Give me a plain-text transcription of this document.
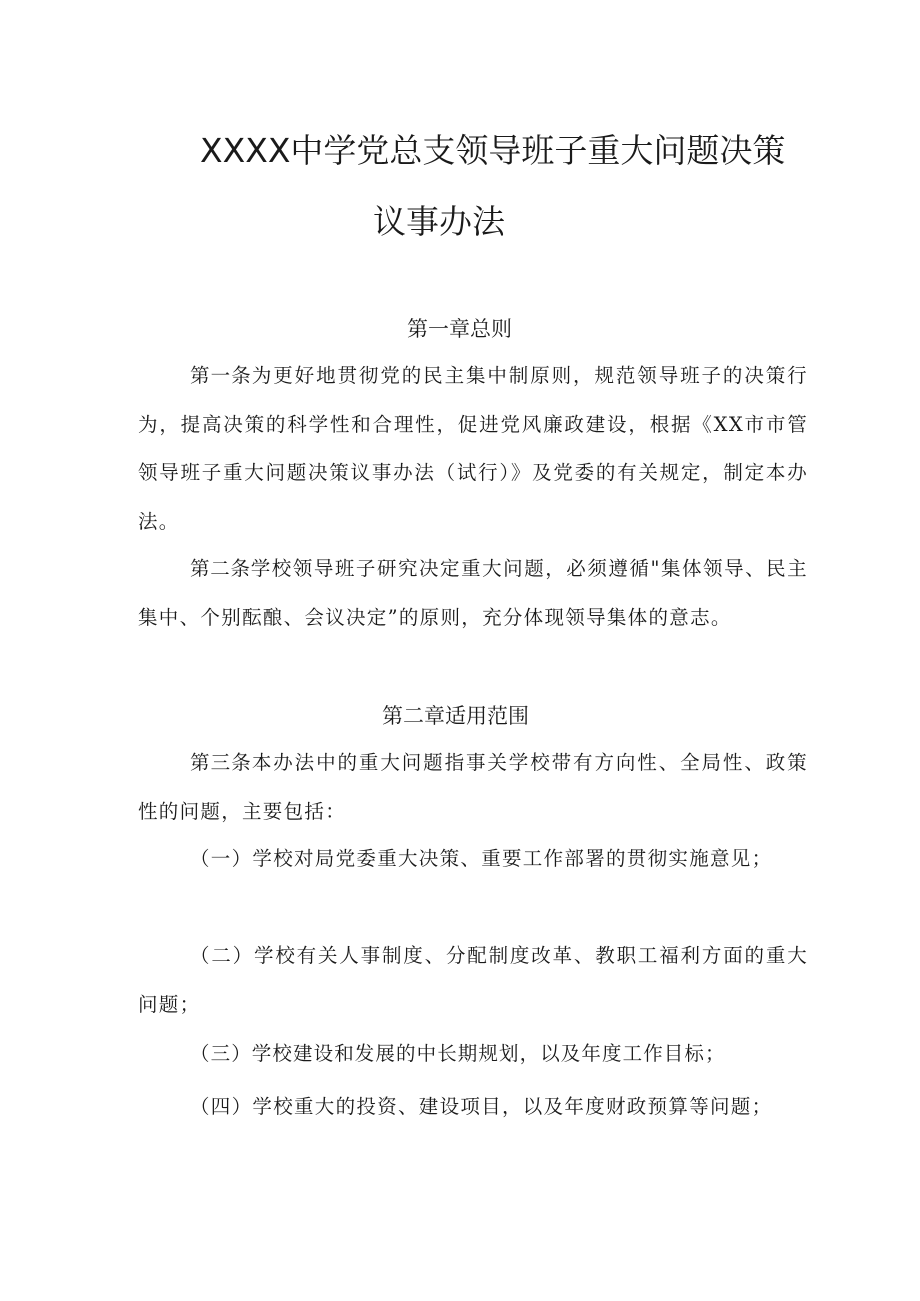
XXXX中学党总支领导班子重大问题决策
议事办法
第一章总则
第一条为更好地贯彻党的民主集中制原则，规范领导班子的决策行为，提高决策的科学性和合理性，促进党风廉政建设，根据《XX市市管领导班子重大问题决策议事办法（试行）》及党委的有关规定，制定本办法。
第二条学校领导班子研究决定重大问题，必须遵循"集体领导、民主集中、个别酝酿、会议决定”的原则，充分体现领导集体的意志。
第二章适用范围
第三条本办法中的重大问题指事关学校带有方向性、全局性、政策性的问题，主要包括：
（一）学校对局党委重大决策、重要工作部署的贯彻实施意见；
（二）学校有关人事制度、分配制度改革、教职工福利方面的重大问题；
（三）学校建设和发展的中长期规划，以及年度工作目标；
（四）学校重大的投资、建设项目，以及年度财政预算等问题；
